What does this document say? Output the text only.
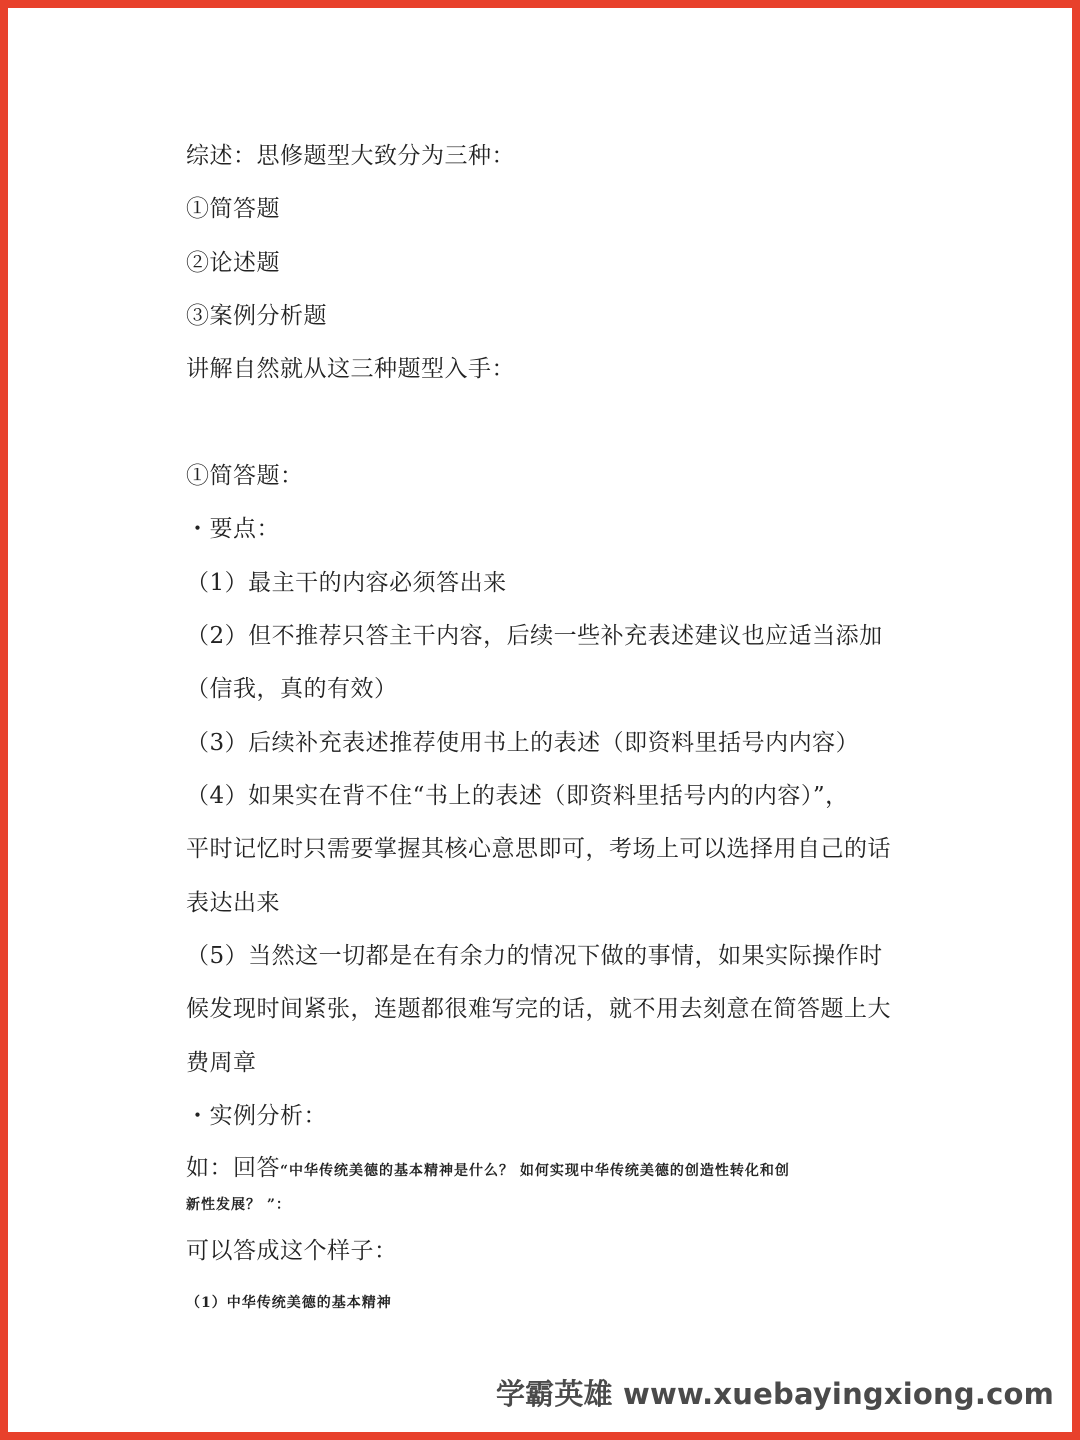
综述：思修题型大致分为三种：
①简答题
②论述题
③案例分析题
讲解自然就从这三种题型入手：
①简答题：
・要点：
（1）最主干的内容必须答出来
（2）但不推荐只答主干内容，后续一些补充表述建议也应适当添加
（信我，真的有效）
（3）后续补充表述推荐使用书上的表述（即资料里括号内内容）
（4）如果实在背不住“书上的表述（即资料里括号内的内容）”，
平时记忆时只需要掌握其核心意思即可，考场上可以选择用自己的话
表达出来
（5）当然这一切都是在有余力的情况下做的事情，如果实际操作时
候发现时间紧张，连题都很难写完的话，就不用去刻意在简答题上大
费周章
・实例分析：
如：回答“中华传统美德的基本精神是什么？ 如何实现中华传统美德的创造性转化和创
新性发展？ ”：
可以答成这个样子：
（1）中华传统美德的基本精神
学霸英雄 www.xuebayingxiong.com
